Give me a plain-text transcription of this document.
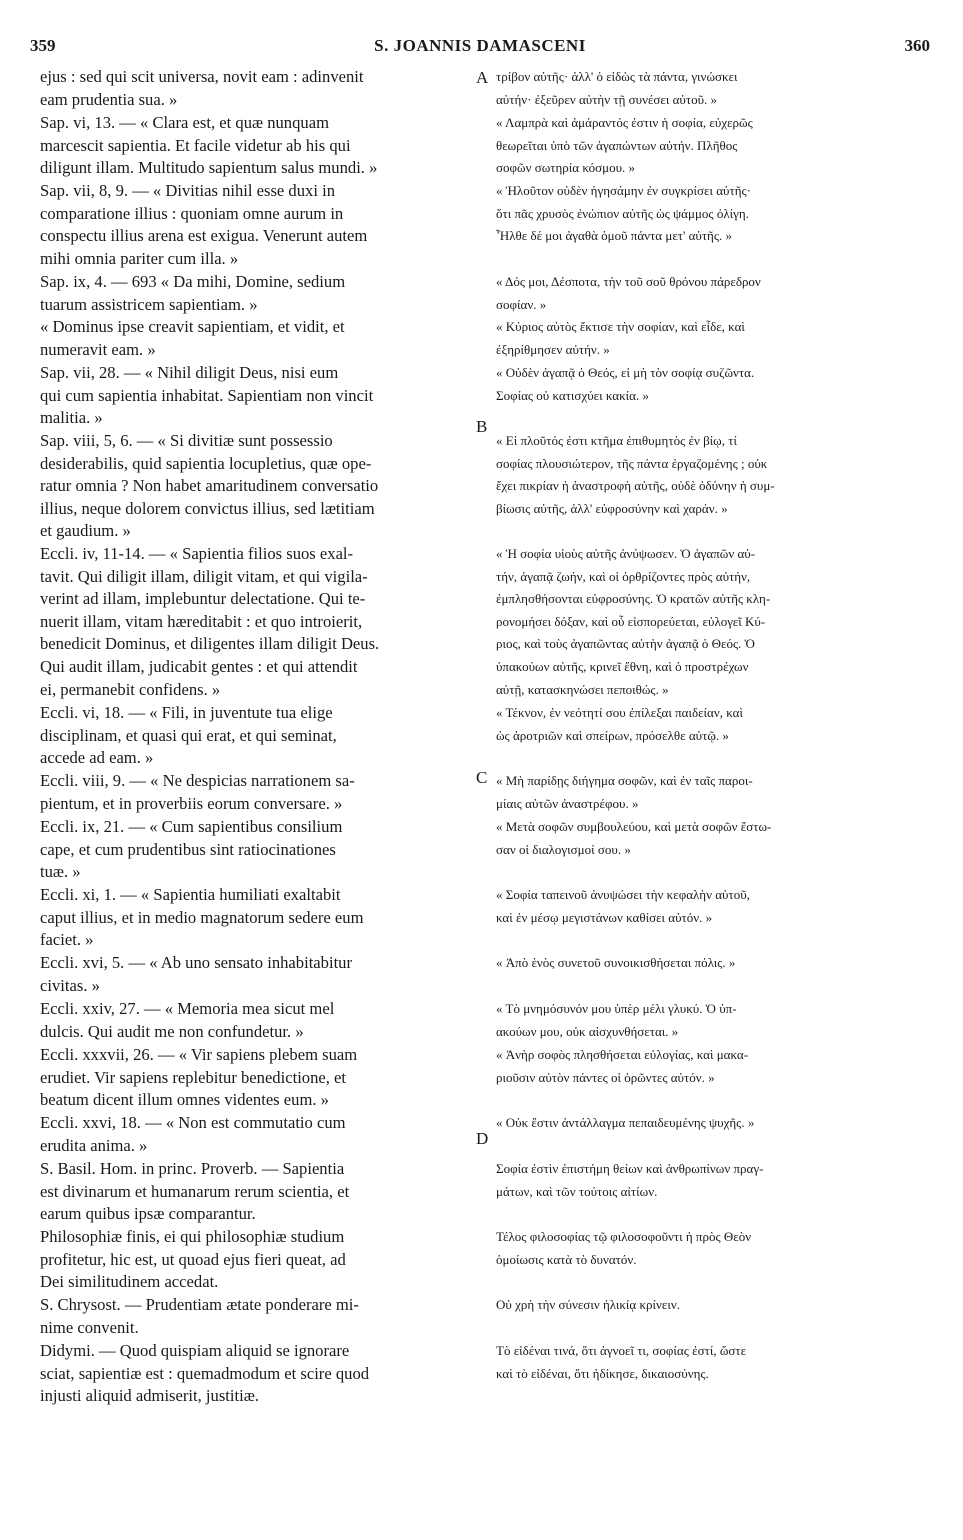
359	S. JOANNIS DAMASCENI	360
A
B
C
D

ejus : sed qui scit universa, novit eam : adinvenit
eam prudentia sua. »

Sap. vi, 13. — « Clara est, et quæ nunquam
marcescit sapientia. Et facile videtur ab his qui
diligunt illam. Multitudo sapientum salus mundi. »

Sap. vii, 8, 9. — « Divitias nihil esse duxi in
comparatione illius : quoniam omne aurum in
conspectu illius arena est exigua. Venerunt autem
mihi omnia pariter cum illa. »

Sap. ix, 4. — 693 « Da mihi, Domine, sedium
tuarum assistricem sapientiam. »

« Dominus ipse creavit sapientiam, et vidit, et
numeravit eam. »

Sap. vii, 28. — « Nihil diligit Deus, nisi eum
qui cum sapientia inhabitat. Sapientiam non vincit
malitia. »

Sap. viii, 5, 6. — « Si divitiæ sunt possessio
desiderabilis, quid sapientia locupletius, quæ ope-
ratur omnia ? Non habet amaritudinem conversatio
illius, neque dolorem convictus illius, sed lætitiam
et gaudium. »

Eccli. iv, 11-14. — « Sapientia filios suos exal-
tavit. Qui diligit illam, diligit vitam, et qui vigila-
verint ad illam, implebuntur delectatione. Qui te-
nuerit illam, vitam hæreditabit : et quo introierit,
benedicit Dominus, et diligentes illam diligit Deus.
Qui audit illam, judicabit gentes : et qui attendit
ei, permanebit confidens. »

Eccli. vi, 18. — « Fili, in juventute tua elige
disciplinam, et quasi qui erat, et qui seminat,
accede ad eam. »

Eccli. viii, 9. — « Ne despicias narrationem sa-
pientum, et in proverbiis eorum conversare. »

Eccli. ix, 21. — « Cum sapientibus consilium
cape, et cum prudentibus sint ratiocinationes
tuæ. »

Eccli. xi, 1. — « Sapientia humiliati exaltabit
caput illius, et in medio magnatorum sedere eum
faciet. »

Eccli. xvi, 5. — « Ab uno sensato inhabitabitur
civitas. »

Eccli. xxiv, 27. — « Memoria mea sicut mel
dulcis. Qui audit me non confundetur. »

Eccli. xxxvii, 26. — « Vir sapiens plebem suam
erudiet. Vir sapiens replebitur benedictione, et
beatum dicent illum omnes videntes eum. »

Eccli. xxvi, 18. — « Non est commutatio cum
erudita anima. »

S. Basil. Hom. in princ. Proverb. — Sapientia
est divinarum et humanarum rerum scientia, et
earum quibus ipsæ comparantur.

Philosophiæ finis, ei qui philosophiæ studium
profitetur, hic est, ut quoad ejus fieri queat, ad
Dei similitudinem accedat.

S. Chrysost. — Prudentiam ætate ponderare mi-
nime convenit.

Didymi. — Quod quispiam aliquid se ignorare
sciat, sapientiæ est : quemadmodum et scire quod
injusti aliquid admiserit, justitiæ.

τρίβον αὐτῆς· ἀλλ' ὁ εἰδὼς τὰ πάντα, γινώσκει
αὐτήν· ἐξεῦρεν αὐτὴν τῇ συνέσει αὐτοῦ. »

« Λαμπρὰ καὶ ἀμάραντός ἐστιν ἡ σοφία, εὐχερῶς
θεωρεῖται ὑπὸ τῶν ἀγαπώντων αὐτήν. Πλῆθος
σοφῶν σωτηρία κόσμου. »

« Ἡλοῦτον οὐδὲν ἡγησάμην ἐν συγκρίσει αὐτῆς·
ὅτι πᾶς χρυσὸς ἐνώπιον αὐτῆς ὡς ψάμμος ὀλίγη.
Ἦλθε δέ μοι ἀγαθὰ ὁμοῦ πάντα μετ' αὐτῆς. »

« Δός μοι, Δέσποτα, τὴν τοῦ σοῦ θρόνου πάρεδρον
σοφίαν. »

« Κύριος αὐτὸς ἔκτισε τὴν σοφίαν, καὶ εἶδε, καὶ
ἐξηρίθμησεν αὐτήν. »

« Οὐδὲν ἀγαπᾷ ὁ Θεός, εἰ μὴ τὸν σοφίᾳ συζῶντα.
Σοφίας οὐ κατισχύει κακία. »

« Εἰ πλοῦτός ἐστι κτῆμα ἐπιθυμητὸς ἐν βίῳ, τί
σοφίας πλουσιώτερον, τῆς πάντα ἐργαζομένης ; οὐκ
ἔχει πικρίαν ἡ ἀναστροφὴ αὐτῆς, οὐδὲ ὀδύνην ἡ συμ-
βίωσις αὐτῆς, ἀλλ' εὐφροσύνην καὶ χαράν. »

« Ἡ σοφία υἱοὺς αὐτῆς ἀνύψωσεν. Ὁ ἀγαπῶν αὐ-
τήν, ἀγαπᾷ ζωήν, καὶ οἱ ὀρθρίζοντες πρὸς αὐτήν,
ἐμπλησθήσονται εὐφροσύνης. Ὁ κρατῶν αὐτῆς κλη-
ρονομήσει δόξαν, καὶ οὗ εἰσπορεύεται, εὐλογεῖ Κύ-
ριος, καὶ τοὺς ἀγαπῶντας αὐτὴν ἀγαπᾷ ὁ Θεός. Ὁ
ὑπακούων αὐτῆς, κρινεῖ ἔθνη, καὶ ὁ προστρέχων
αὐτῇ, κατασκηνώσει πεποιθώς. »

« Τέκνον, ἐν νεότητί σου ἐπίλεξαι παιδείαν, καὶ
ὡς ἀροτριῶν καὶ σπείρων, πρόσελθε αὐτῷ. »

« Μὴ παρίδῃς διήγημα σοφῶν, καὶ ἐν ταῖς παροι-
μίαις αὐτῶν ἀναστρέφου. »

« Μετὰ σοφῶν συμβουλεύου, καὶ μετὰ σοφῶν ἔστω-
σαν οἱ διαλογισμοί σου. »

« Σοφία ταπεινοῦ ἀνυψώσει τὴν κεφαλὴν αὐτοῦ,
καὶ ἐν μέσῳ μεγιστάνων καθίσει αὐτόν. »

« Ἀπὸ ἑνὸς συνετοῦ συνοικισθήσεται πόλις. »

« Τὸ μνημόσυνόν μου ὑπὲρ μέλι γλυκύ. Ὁ ὑπ-
ακούων μου, οὐκ αἰσχυνθήσεται. »

« Ἀνὴρ σοφὸς πλησθήσεται εὐλογίας, καὶ μακα-
ριοῦσιν αὐτὸν πάντες οἱ ὁρῶντες αὐτόν. »

« Οὐκ ἔστιν ἀντάλλαγμα πεπαιδευμένης ψυχῆς. »

Σοφία ἐστὶν ἐπιστήμη θείων καὶ ἀνθρωπίνων πραγ-
μάτων, καὶ τῶν τούτοις αἰτίων.

Τέλος φιλοσοφίας τῷ φιλοσοφοῦντι ἡ πρὸς Θεὸν
ὁμοίωσις κατὰ τὸ δυνατόν.

Οὐ χρὴ τὴν σύνεσιν ἡλικίᾳ κρίνειν.

Τὸ εἰδέναι τινά, ὅτι ἀγνοεῖ τι, σοφίας ἐστί, ὥστε
καὶ τὸ εἰδέναι, ὅτι ἠδίκησε, δικαιοσύνης.
